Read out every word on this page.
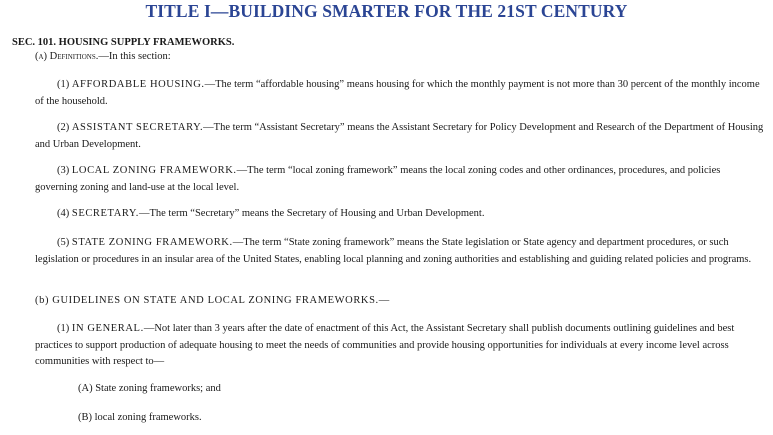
TITLE I—BUILDING SMARTER FOR THE 21ST CENTURY
SEC. 101. HOUSING SUPPLY FRAMEWORKS.
(a) Definitions.—In this section:
(1) AFFORDABLE HOUSING.—The term “affordable housing” means housing for which the monthly payment is not more than 30 percent of the monthly income of the household.
(2) ASSISTANT SECRETARY.—The term “Assistant Secretary” means the Assistant Secretary for Policy Development and Research of the Department of Housing and Urban Development.
(3) LOCAL ZONING FRAMEWORK.—The term “local zoning framework” means the local zoning codes and other ordinances, procedures, and policies governing zoning and land-use at the local level.
(4) SECRETARY.—The term “Secretary” means the Secretary of Housing and Urban Development.
(5) STATE ZONING FRAMEWORK.—The term “State zoning framework” means the State legislation or State agency and department procedures, or such legislation or procedures in an insular area of the United States, enabling local planning and zoning authorities and establishing and guiding related policies and programs.
(b) GUIDELINES ON STATE AND LOCAL ZONING FRAMEWORKS.—
(1) IN GENERAL.—Not later than 3 years after the date of enactment of this Act, the Assistant Secretary shall publish documents outlining guidelines and best practices to support production of adequate housing to meet the needs of communities and provide housing opportunities for individuals at every income level across communities with respect to—
(A) State zoning frameworks; and
(B) local zoning frameworks.
